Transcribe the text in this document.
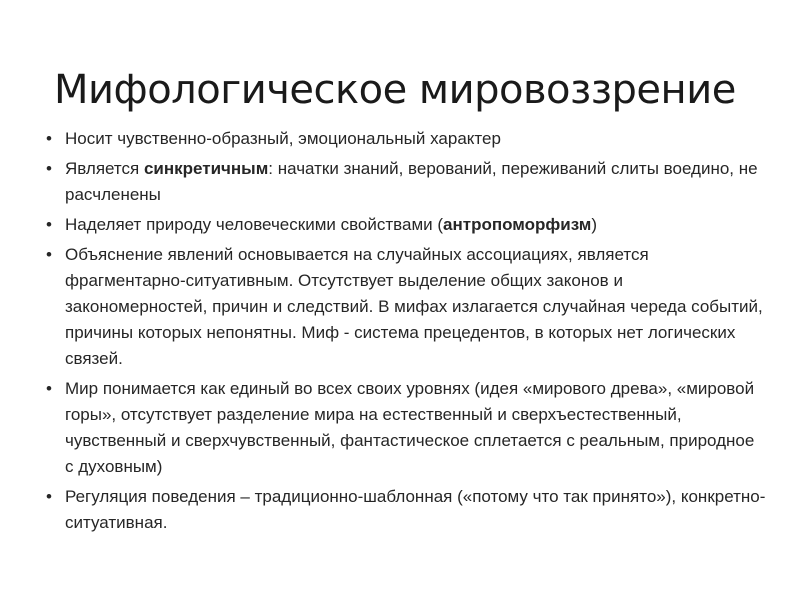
Мифологическое мировоззрение
• Носит чувственно-образный, эмоциональный характер
• Является синкретичным: начатки знаний, верований, переживаний слиты воедино, не расчленены
• Наделяет природу человеческими свойствами (антропоморфизм)
• Объяснение явлений основывается на случайных ассоциациях, является фрагментарно-ситуативным. Отсутствует выделение общих законов и закономерностей, причин и следствий. В мифах излагается случайная череда событий, причины которых непонятны. Миф - система прецедентов, в которых нет логических связей.
• Мир понимается как единый во всех своих уровнях (идея «мирового древа», «мировой горы», отсутствует разделение мира на естественный и сверхъестественный, чувственный и сверхчувственный, фантастическое сплетается с реальным, природное с духовным)
• Регуляция поведения – традиционно-шаблонная («потому что так принято»), конкретно-ситуативная.
